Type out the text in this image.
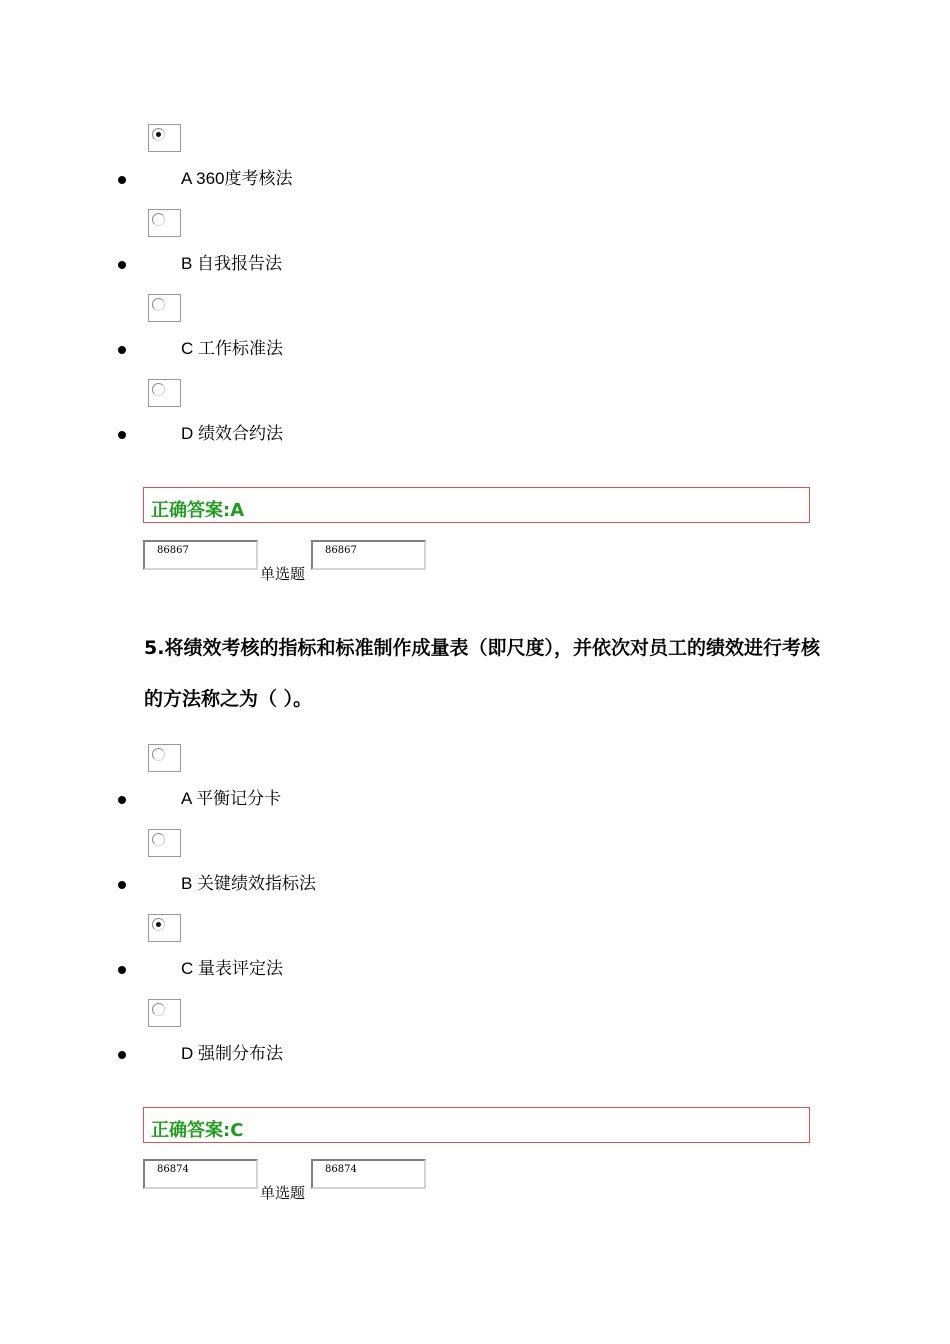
A 360度考核法
B 自我报告法
C 工作标准法
D 绩效合约法
正确答案:A
86867
单选题
86867
5.将绩效考核的指标和标准制作成量表（即尺度），并依次对员工的绩效进行考核的方法称之为（ ）。
A 平衡记分卡
B 关键绩效指标法
C 量表评定法
D 强制分布法
正确答案:C
86874
单选题
86874
